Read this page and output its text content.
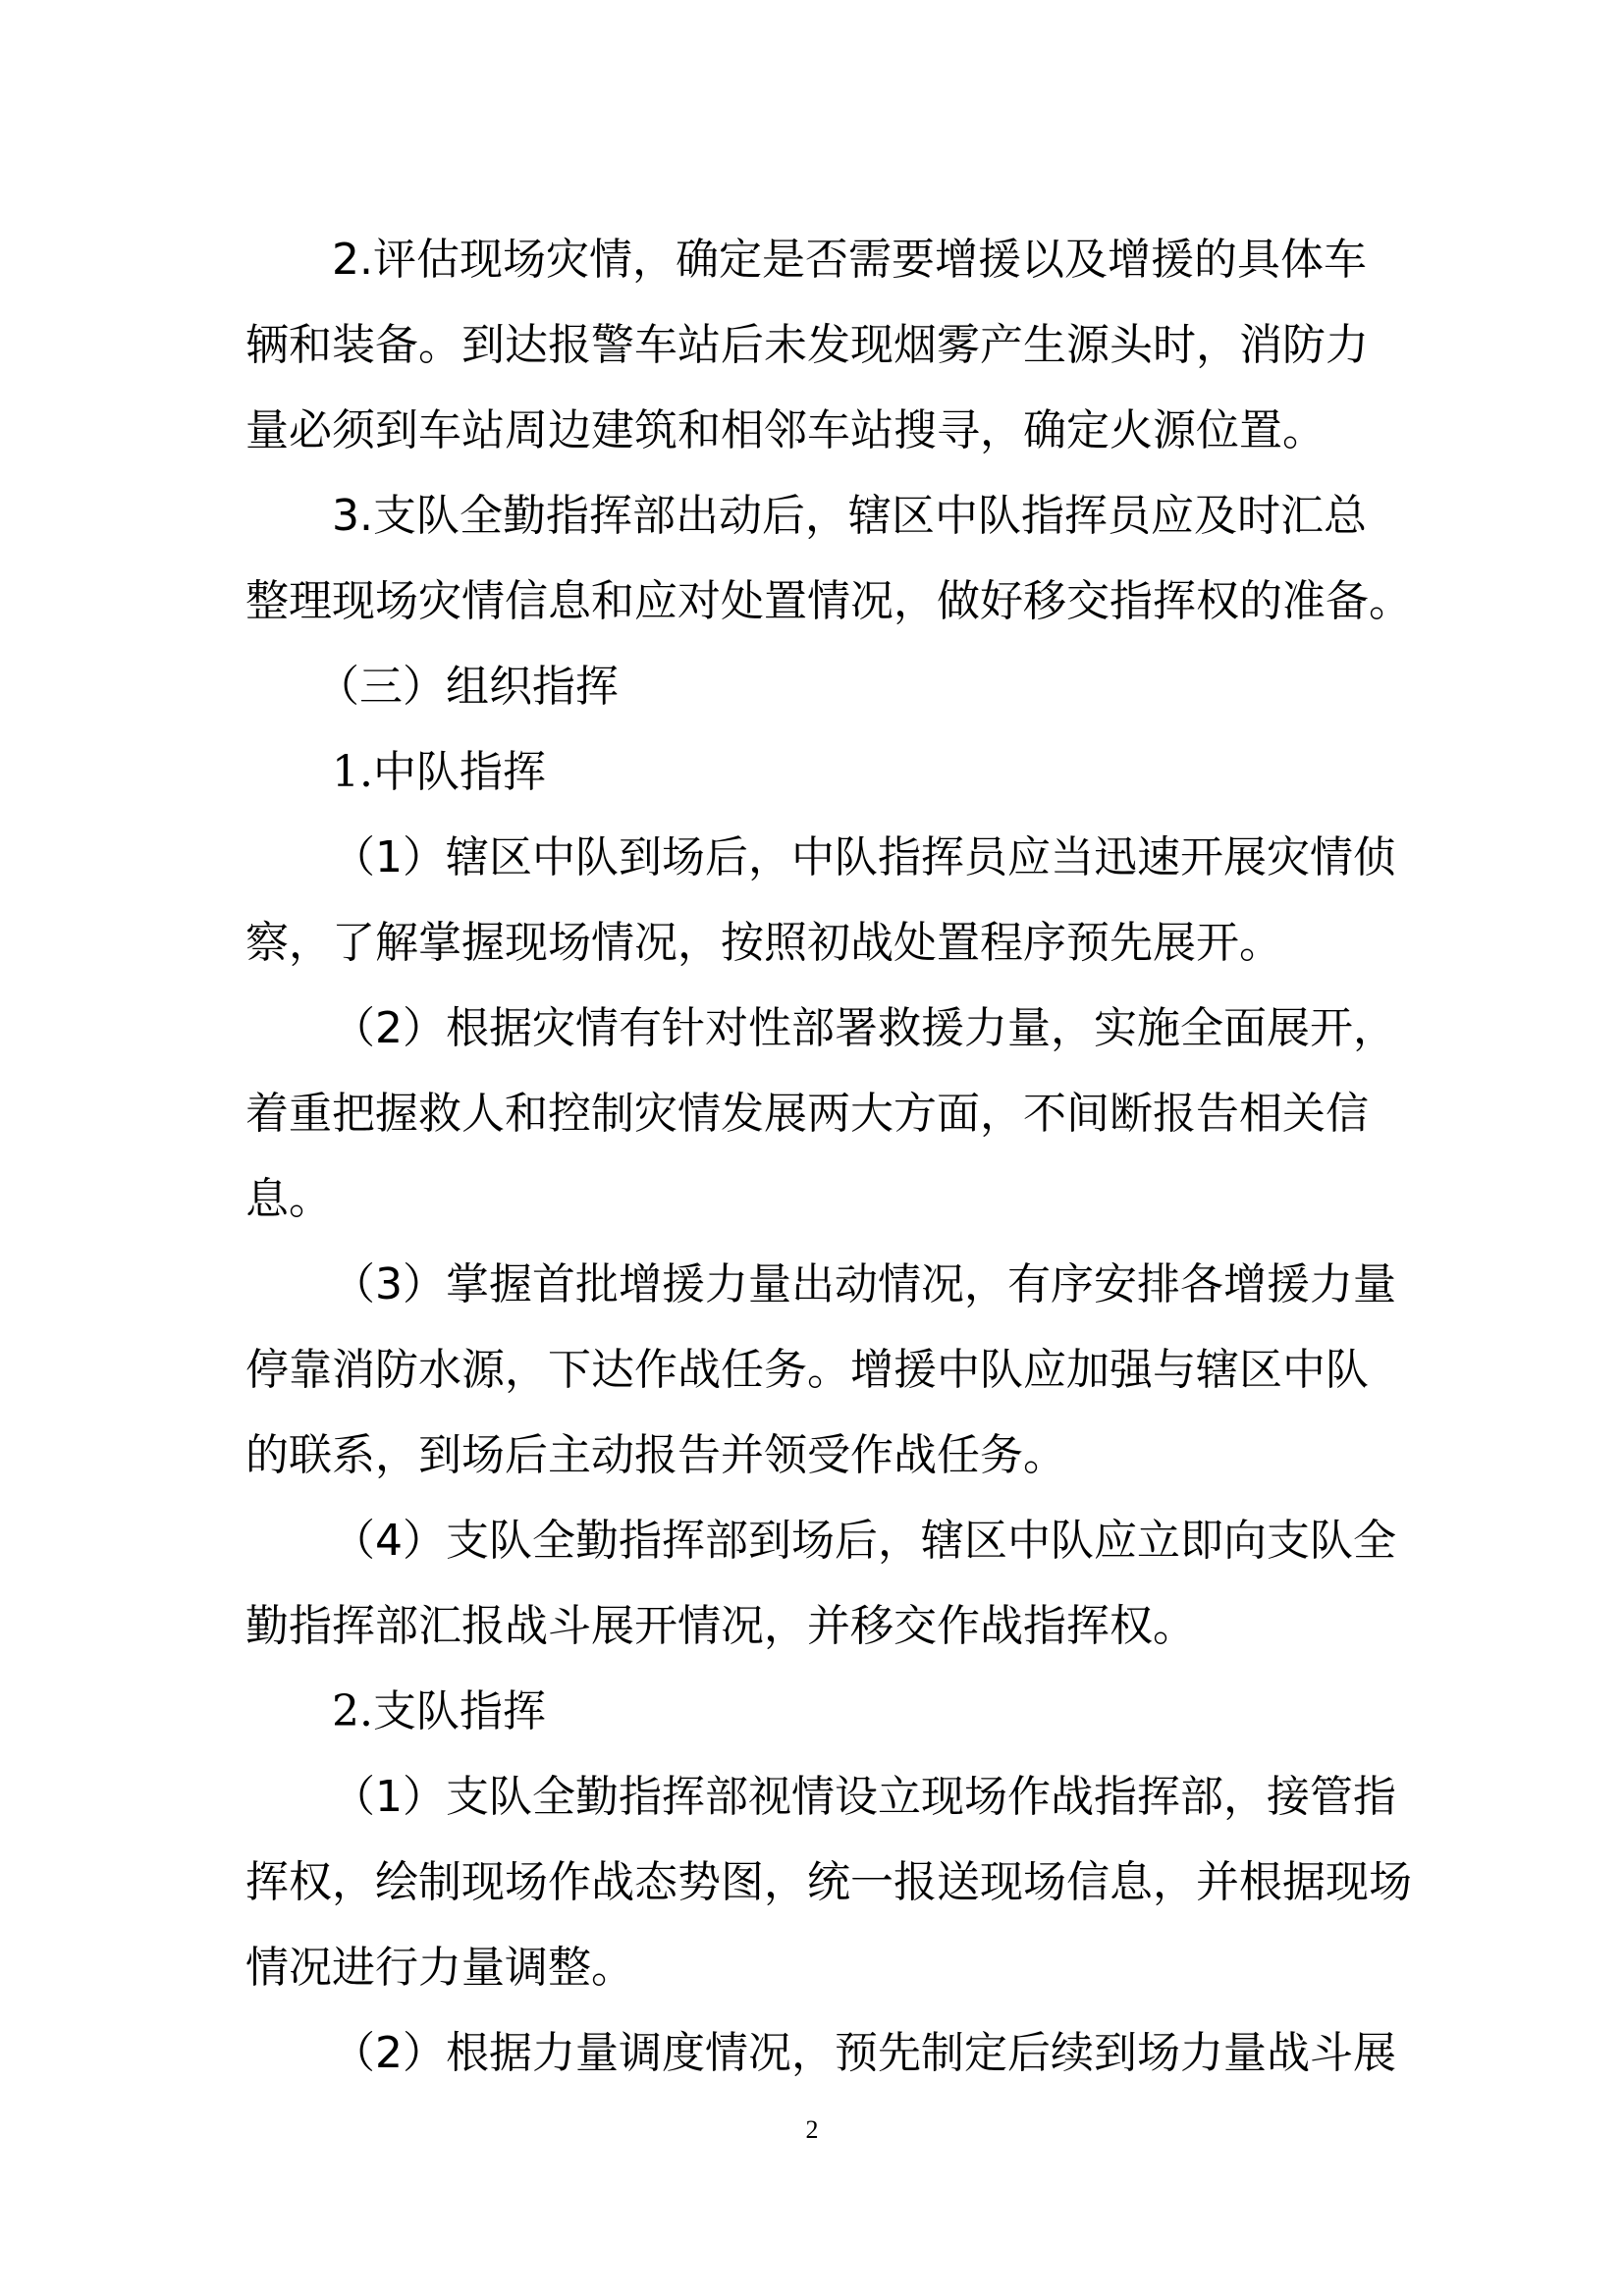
2.评估现场灾情，确定是否需要增援以及增援的具体车
辆和装备。到达报警车站后未发现烟雾产生源头时，消防力
量必须到车站周边建筑和相邻车站搜寻，确定火源位置。
3.支队全勤指挥部出动后，辖区中队指挥员应及时汇总
整理现场灾情信息和应对处置情况，做好移交指挥权的准备。
（三）组织指挥
1.中队指挥
（1）辖区中队到场后，中队指挥员应当迅速开展灾情侦
察，了解掌握现场情况，按照初战处置程序预先展开。
（2）根据灾情有针对性部署救援力量，实施全面展开，
着重把握救人和控制灾情发展两大方面，不间断报告相关信
息。
（3）掌握首批增援力量出动情况，有序安排各增援力量
停靠消防水源，下达作战任务。增援中队应加强与辖区中队
的联系，到场后主动报告并领受作战任务。
（4）支队全勤指挥部到场后，辖区中队应立即向支队全
勤指挥部汇报战斗展开情况，并移交作战指挥权。
2.支队指挥
（1）支队全勤指挥部视情设立现场作战指挥部，接管指
挥权，绘制现场作战态势图，统一报送现场信息，并根据现场
情况进行力量调整。
（2）根据力量调度情况，预先制定后续到场力量战斗展
2
